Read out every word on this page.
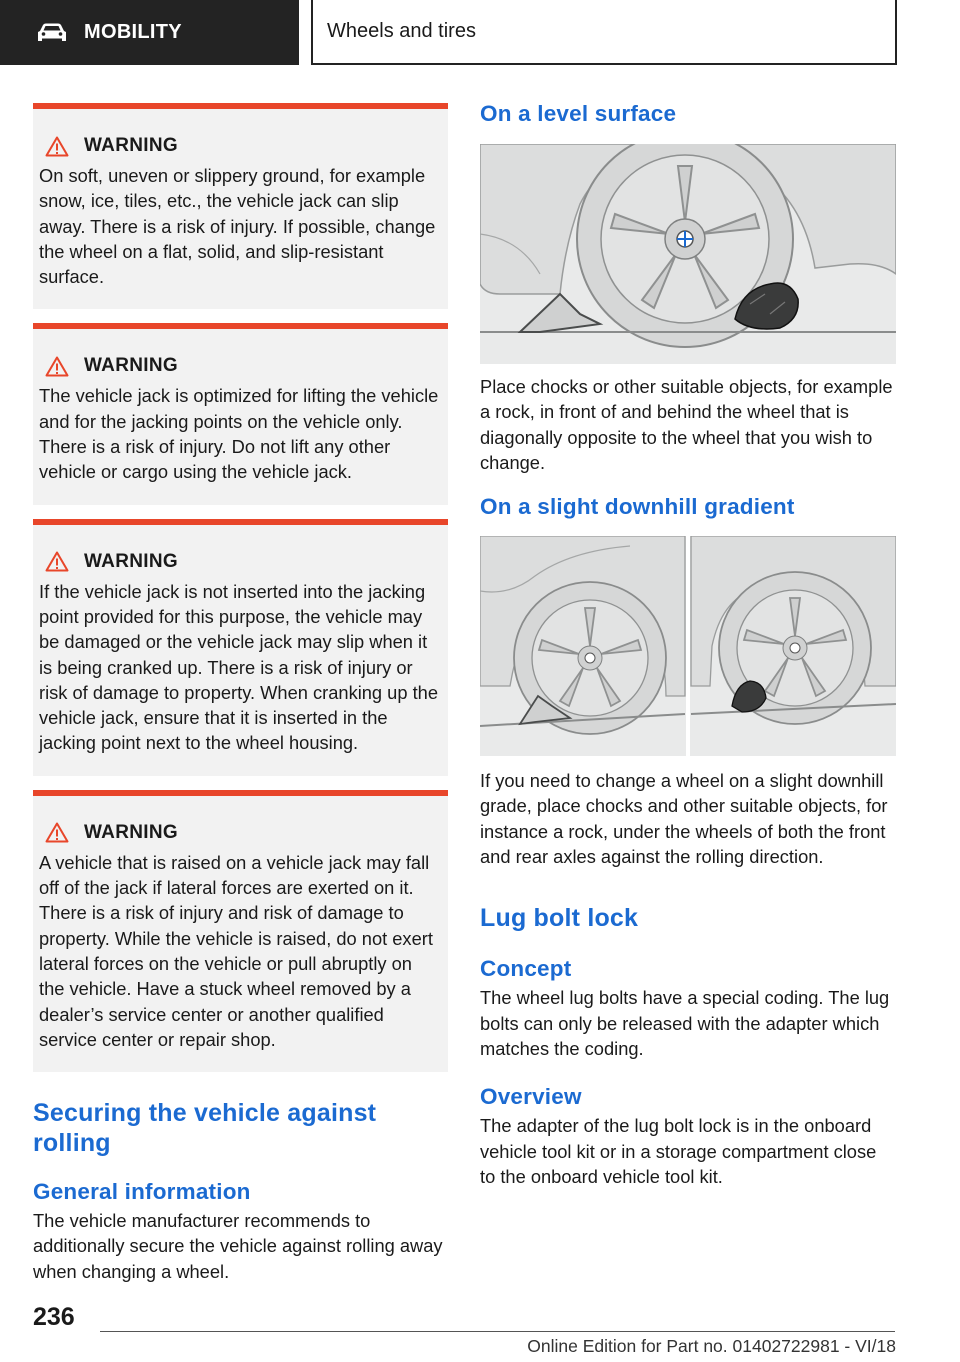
MOBILITY	Wheels and tires
WARNING

On soft, uneven or slippery ground, for example snow, ice, tiles, etc., the vehicle jack can slip away. There is a risk of injury. If possible, change the wheel on a flat, solid, and slip-resistant surface.

WARNING

The vehicle jack is optimized for lifting the vehicle and for the jacking points on the vehicle only. There is a risk of injury. Do not lift any other vehicle or cargo using the vehicle jack.

WARNING

If the vehicle jack is not inserted into the jacking point provided for this purpose, the vehicle may be damaged or the vehicle jack may slip when it is being cranked up. There is a risk of injury or risk of damage to property. When cranking up the vehicle jack, ensure that it is inserted in the jacking point next to the wheel housing.

WARNING

A vehicle that is raised on a vehicle jack may fall off of the jack if lateral forces are exerted on it. There is a risk of injury and risk of damage to property. While the vehicle is raised, do not exert lateral forces on the vehicle or pull abruptly on the vehicle. Have a stuck wheel removed by a dealer’s service center or another qualified service center or repair shop.

Securing the vehicle against rolling
General information

The vehicle manufacturer recommends to additionally secure the vehicle against rolling away when changing a wheel.

On a level surface

Place chocks or other suitable objects, for example a rock, in front of and behind the wheel that is diagonally opposite to the wheel that you wish to change.

On a slight downhill gradient

If you need to change a wheel on a slight downhill grade, place chocks and other suitable objects, for instance a rock, under the wheels of both the front and rear axles against the rolling direction.

Lug bolt lock
Concept

The wheel lug bolts have a special coding. The lug bolts can only be released with the adapter which matches the coding.

Overview

The adapter of the lug bolt lock is in the onboard vehicle tool kit or in a storage compartment close to the onboard vehicle tool kit.

236
Online Edition for Part no. 01402722981 - VI/18
